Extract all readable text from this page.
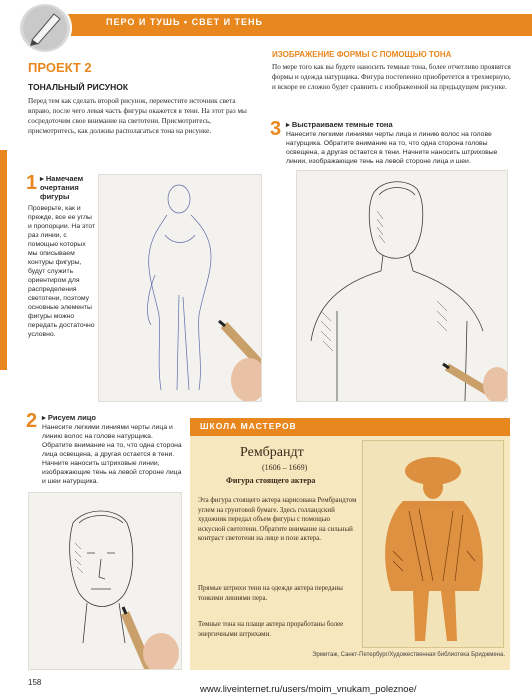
ПЕРО И ТУШЬ • СВЕТ И ТЕНЬ
ПРОЕКТ 2
ТОНАЛЬНЫЙ РИСУНОК
Перед тем как сделать второй рисунок, переместите источник света вправо, после чего левая часть фигуры окажется в тени. На этот раз мы сосредоточим свое внимание на светотени. Присмотритесь, присмотритесь, как должны располагаться тона на рисунке.
ИЗОБРАЖЕНИЕ ФОРМЫ С ПОМОЩЬЮ ТОНА
По мере того как вы будете наносить темные тона, более отчетливо проявятся формы и одежда натурщика. Фигура постепенно приобретется в трехмерную, и вскоре ее сложно будет сравнить с изображенной на предыдущем рисунке.
1 ▸ Намечаем очертания фигуры
Проверьте, как и прежде, все ее углы и пропорции. На этот раз линии, с помощью которых мы описываем контуры фигуры, будут служить ориентиром для распределения светотени, поэтому основные элементы фигуры можно передать достаточно условно.
3 ▸ Выстраиваем темные тона
Нанесите легкими линиями черты лица и линию волос на голове натурщика. Обратите внимание на то, что одна сторона головы освещена, а другая остается в тени. Начните наносить штриховые линии, изображающие тень на левой стороне лица и шеи.
2 ▸ Рисуем лицо
Нанесите легкими линиями черты лица и линию волос на голове натурщика. Обратите внимание на то, что одна сторона лица освещена, а другая остается в тени. Начните наносить штриховые линии, изображающие тень на левой стороне лица и шеи натурщика.
ШКОЛА МАСТЕРОВ
Рембрандт
(1606 – 1669)
Фигура стоящего актера
Эта фигура стоящего актера нарисована Рембрандтом углем на грунтовой бумаге. Здесь голландский художник передал объем фигуры с помощью искусной светотени. Обратите внимание на сильный контраст светотени на лице и позе актера.
Прямые штрихи тени на одежде актера переданы тонкими линиями пера.
Темные тона на плаще актера проработаны более энергичными штрихами.
Эрмитаж, Санкт-Петербург/Художественная библиотека Бриджмена.
158
www.liveinternet.ru/users/moim_vnukam_poleznoe/
